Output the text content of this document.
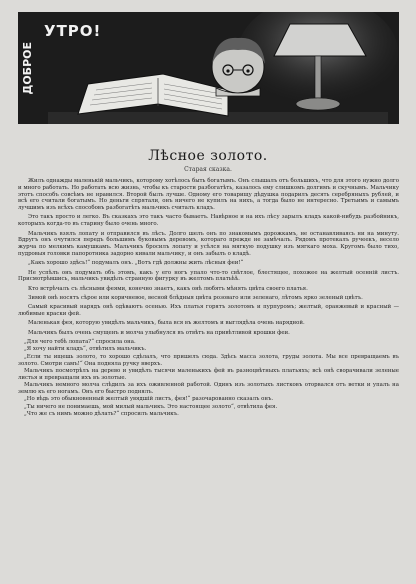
ДОБРОЕ
УТРО!
Лѣсное золото.
Старая сказка.

Жилъ однажды маленькій мальчикъ, которому хотѣлось быть богатымъ. Онъ слышалъ отъ большихъ, что для этого нужно долго и много работать. Но работать всю жизнь, чтобы къ старости разбогатѣть, казалось ему слишкомъ долгимъ и скучнымъ. Мальчику этотъ способъ совсѣмъ не нравился. Второй былъ лучше. Одному его товарищу дѣдушка подарилъ десять серебряныхъ рублей, и всѣ его считали богатымъ. Но деньги спрятали, онъ ничего не купилъ на нихъ, а тогда было не интересно. Третьимъ и самымъ лучшимъ изъ всѣхъ способовъ разбогатѣть мальчикъ считалъ кладъ.

Это такъ просто и легко. Въ сказкахъ это такъ часто бываетъ. Навѣрное и на ихъ лѣсу зарылъ кладъ какой-нибудь разбойникъ, которыхъ когда-то въ старину было очень много.

Мальчикъ взялъ лопату и отправился въ лѣсъ. Долго шелъ онъ по знакомымъ дорожкамъ, не останавливаясь ни на минуту. Вдругъ онъ очутился передъ большимъ буковымъ деревомъ, котораго прежде не замѣчалъ. Рядомъ протекалъ ручеекъ, весело журча по мелкимъ камушкамъ. Мальчикъ бросилъ лопату и усѣлся на мягкую подушку изъ мягкаго моха. Кругомъ было тихо, пудровыя головки папоротника задорно кивали мальчику, и онъ забылъ о кладѣ.

„Какъ хорошо здѣсь!“ подумалъ онъ. „Вотъ гдѣ должны жить лѣсныя феи!“

Не успѣлъ онъ подумать объ этомъ, какъ у его ногъ упало что-то свѣтлое, блестящее, похожее на желтый осенній листъ. Присмотрѣвшись, мальчикъ увидѣлъ странную фигурку въ желтомъ платьѣѣ.

Кто встрѣчалъ съ лѣсными феями, конечно знаетъ, какъ онѣ любятъ мѣнять цвѣта своего платья.

Зимой онѣ носятъ сѣрое или коричневое, весной блѣдныя цвѣта розоваго или зеленаго, лѣтомъ ярко зеленый цвѣтъ.

Самый красивый нарядъ онѣ одѣваютъ осенью. Ихъ платья горятъ золотомъ и пурпуромъ; желтый, оранжевый и красный — любимые краски фей.

Маленькая фея, которую увидѣлъ мальчикъ, была вся въ желтомъ и выглядѣла очень нарядной.

Мальчикъ былъ очень смущенъ и молча улыбнулся въ отвѣтъ на привѣтливой крошки феи.

„Для чего тебѣ лопата?“ спросила она.

„Я хочу найти кладъ“, отвѣтилъ мальчикъ.

„Если ты ищешь золото, то хорошо сдѣлалъ, что пришелъ сюда. Здѣсь масса золота, груды золота. Мы все превращаемъ въ золото. Смотри самъ!“ Она подняла ручку вверхъ.

Мальчикъ посмотрѣлъ на дерево и увидѣлъ тысячи маленькихъ фей въ разноцвѣтныхъ платьяхъ; всѣ онѣ сворачивали зеленые листья и превращали ихъ въ золотые.

Мальчикъ немного молча слѣдилъ за ихъ оживленной работой. Одинъ изъ золотыхъ листковъ оторвался отъ ветки и упалъ на землю къ его ногамъ. Онъ его быстро поднялъ.

„Но вѣдь это обыкновенный желтый увядшій листъ, фея!“ разочарованно сказалъ онъ.

„Ты ничего не понимаешь, мой милый мальчикъ. Это настоящее золото“, отвѣтила фея.

„Что же съ нимъ можно дѣлать?“ спросилъ мальчикъ.
